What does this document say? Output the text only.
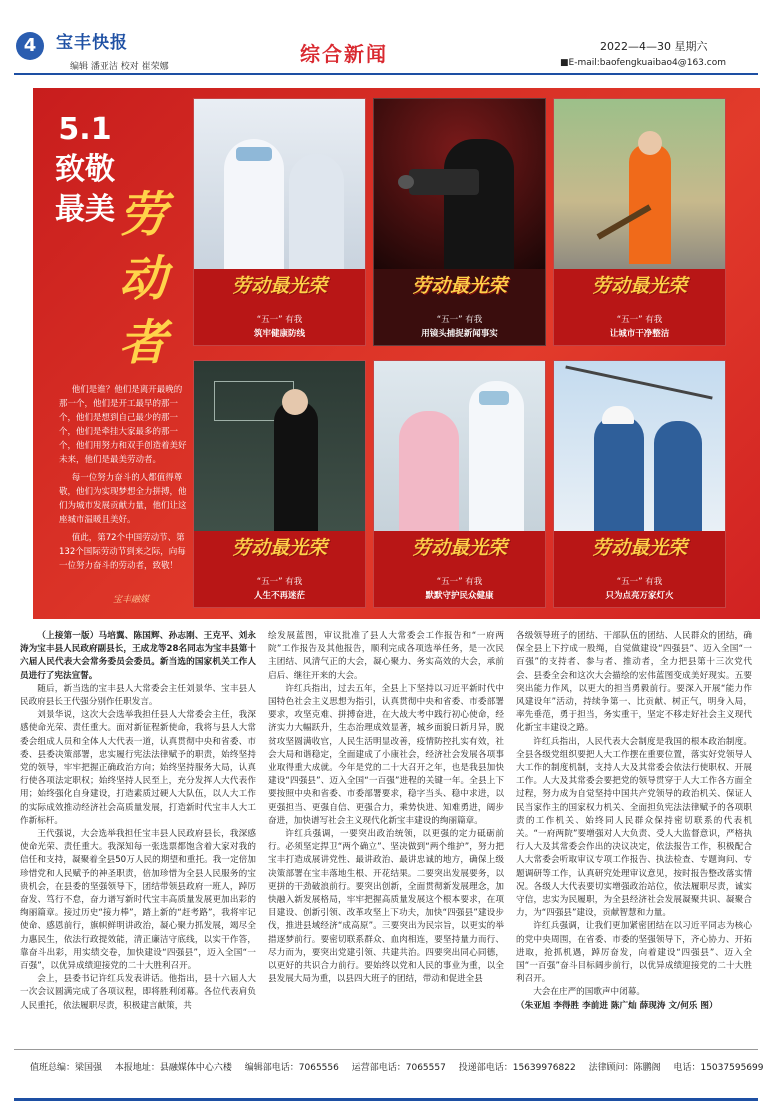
4	宝丰快报
编辑 潘亚洁 校对 崔荣娜
综合新闻	2022—4—30 星期六
■E-mail:baofengkuaibao4@163.com
5.1致敬最美 劳动者

他们是谁？他们是离开最晚的那一个，他们是开工最早的那一个，他们是想到自己最少的那一个，他们是牵挂大家最多的那一个，他们用努力和双手创造着美好未来，他们是最美劳动者。

每一位努力奋斗的人都值得尊敬，他们为实现梦想全力拼搏，他们为城市发展贡献力量，他们让这座城市温暖且美好。

值此，第72个中国劳动节、第132个国际劳动节到来之际，向每一位努力奋斗的劳动者，致敬！

宝丰融媒
劳动最光荣
“五一” 有我
筑牢健康防线
劳动最光荣
“五一” 有我
用镜头捕捉新闻事实
劳动最光荣
“五一” 有我
让城市干净整洁
劳动最光荣
“五一” 有我
人生不再迷茫
劳动最光荣
“五一” 有我
默默守护民众健康
劳动最光荣
“五一” 有我
只为点亮万家灯火

（上接第一版）马培翼、陈国辉、孙志刚、王克平、刘永涛为宝丰县人民政府副县长，王成龙等28名同志为宝丰县第十六届人民代表大会常务委员会委员。新当选的国家机关工作人员进行了宪法宣誓。

随后，新当选的宝丰县人大常委会主任刘景华、宝丰县人民政府县长王代强分别作任职发言。

刘景华说，这次大会选举我担任县人大常委会主任，我深感使命光荣、责任重大。面对新征程新使命，我将与县人大常委会组成人员和全体人大代表一道，认真贯彻中央和省委、市委、县委决策部署，忠实履行宪法法律赋予的职责，始终坚持党的领导，牢牢把握正确政治方向；始终坚持服务大局，认真行使各项法定职权；始终坚持人民至上，充分发挥人大代表作用；始终强化自身建设，打造素质过硬人大队伍，以人大工作的实际成效推动经济社会高质量发展，打造新时代宝丰人大工作新标杆。

王代强说，大会选举我担任宝丰县人民政府县长，我深感使命光荣、责任重大。我深知每一张选票都饱含着大家对我的信任和支持，凝聚着全县50万人民的期望和重托。我一定倍加珍惜党和人民赋予的神圣职责，倍加珍惜为全县人民服务的宝贵机会，在县委的坚强领导下，团结带领县政府一班人，踔厉奋发、笃行不怠，奋力谱写新时代宝丰高质量发展更加出彩的绚丽篇章。接过历史“接力棒”，踏上新的“赶考路”，我将牢记使命、感恩前行，旗帜鲜明讲政治，凝心聚力抓发展，竭尽全力惠民生，依法行政提效能，清正廉洁守底线，以实干作答，靠奋斗出彩，用实绩交卷，加快建设“四强县”，迈入全国“一百强”，以优异成绩迎接党的二十大胜利召开。

会上，县委书记许红兵发表讲话。他指出，县十六届人大一次会议圆满完成了各项议程，即将胜利闭幕。各位代表肩负人民重托，依法履职尽责，积极建言献策，共

绘发展蓝图，审议批准了县人大常委会工作报告和“一府两院”工作报告及其他报告，顺利完成各项选举任务，是一次民主团结、风清气正的大会，凝心聚力、务实高效的大会，承前启后、继往开来的大会。

许红兵指出，过去五年，全县上下坚持以习近平新时代中国特色社会主义思想为指引，认真贯彻中央和省委、市委部署要求，攻坚克难、拼搏奋进，在大战大考中践行初心使命，经济实力大幅跃升，生态治理成效显著，城乡面貌日新月异，脱贫攻坚圆满收官，人民生活明显改善，疫情防控扎实有效，社会大局和谐稳定，全面建成了小康社会，经济社会发展各项事业取得重大成就。今年是党的二十大召开之年，也是我县加快建设“四强县”、迈入全国“一百强”进程的关键一年。全县上下要按照中央和省委、市委部署要求，稳字当头、稳中求进，以更强担当、更强自信、更强合力，乘势快进、知难勇进，阔步奋进，加快谱写社会主义现代化新宝丰建设的绚丽篇章。

许红兵强调，一要突出政治统领，以更强的定力砥砺前行。必须坚定捍卫“两个确立”、坚决做到“两个维护”，努力把宝丰打造成展讲党性、最讲政治、最讲忠诚的地方，确保上级决策部署在宝丰落地生根、开花结果。二要突出发展要务，以更拼的干劲破浪前行。要突出创新，全面贯彻新发展理念，加快融入新发展格局，牢牢把握高质量发展这个根本要求，在项目建设、创新引领、改革攻坚上下功夫，加快“四强县”建设步伐，推进县域经济“成高原”。三要突出为民宗旨，以更实的举措逐梦前行。要密切联系群众、血肉相连，要坚持量力而行、尽力而为，要突出党建引领、共建共治。四要突出同心同德，以更好的共识合力前行。要始终以党和人民的事业为重，以全县发展大局为重，以县四大班子的团结，带动和促进全县

各级领导班子的团结、干部队伍的团结、人民群众的团结，确保全县上下拧成一股绳，自觉做建设“四强县”、迈入全国“一百强”的支持者、参与者、推动者，全力把县第十三次党代会、县委全会和这次大会描绘的宏伟蓝图变成美好现实。五要突出能力作风，以更大的担当勇毅前行。要深入开展“能力作风建设年”活动，持续争第一、比贡献、树正气，明身入局，率先垂范，勇于担当，务实重干，坚定不移走好社会主义现代化新宝丰建设之路。

许红兵指出，人民代表大会制度是我国的根本政治制度。全县各级党组织要把人大工作摆在重要位置，落实好党领导人大工作的制度机制，支持人大及其常委会依法行使职权、开展工作。人大及其常委会要把党的领导贯穿于人大工作各方面全过程，努力成为自觉坚持中国共产党领导的政治机关、保证人民当家作主的国家权力机关、全面担负宪法法律赋予的各项职责的工作机关、始终同人民群众保持密切联系的代表机关。“一府两院”要增强对人大负责、受人大监督意识，严格执行人大及其常委会作出的决议决定，依法报告工作，积极配合人大常委会听取审议专项工作报告、执法检查、专题询问、专题调研等工作，认真研究处理审议意见，按时报告整改落实情况。各级人大代表要切实增强政治站位，依法履职尽责，诚实守信，忠实为民履职，为全县经济社会发展凝聚共识、凝聚合力，为“四强县”建设，贡献智慧和力量。

许红兵强调，让我们更加紧密团结在以习近平同志为核心的党中央周围，在省委、市委的坚强领导下，齐心协力、开拓进取，抢抓机遇，踔厉奋发，向着建设“四强县”、迈入全国“一百强”奋斗目标阔步前行，以优异成绩迎接党的二十大胜利召开。

大会在庄严的国歌声中闭幕。

（朱亚旭 李得胜 李前进 陈广灿 薛现涛 文/何乐 图）

值班总编：梁国强 本报地址：县融媒体中心六楼 编辑部电话：7065556 运营部电话：7065557 投递部电话：15639976822 法律顾问：陈鹏阁 电话：15037595699
